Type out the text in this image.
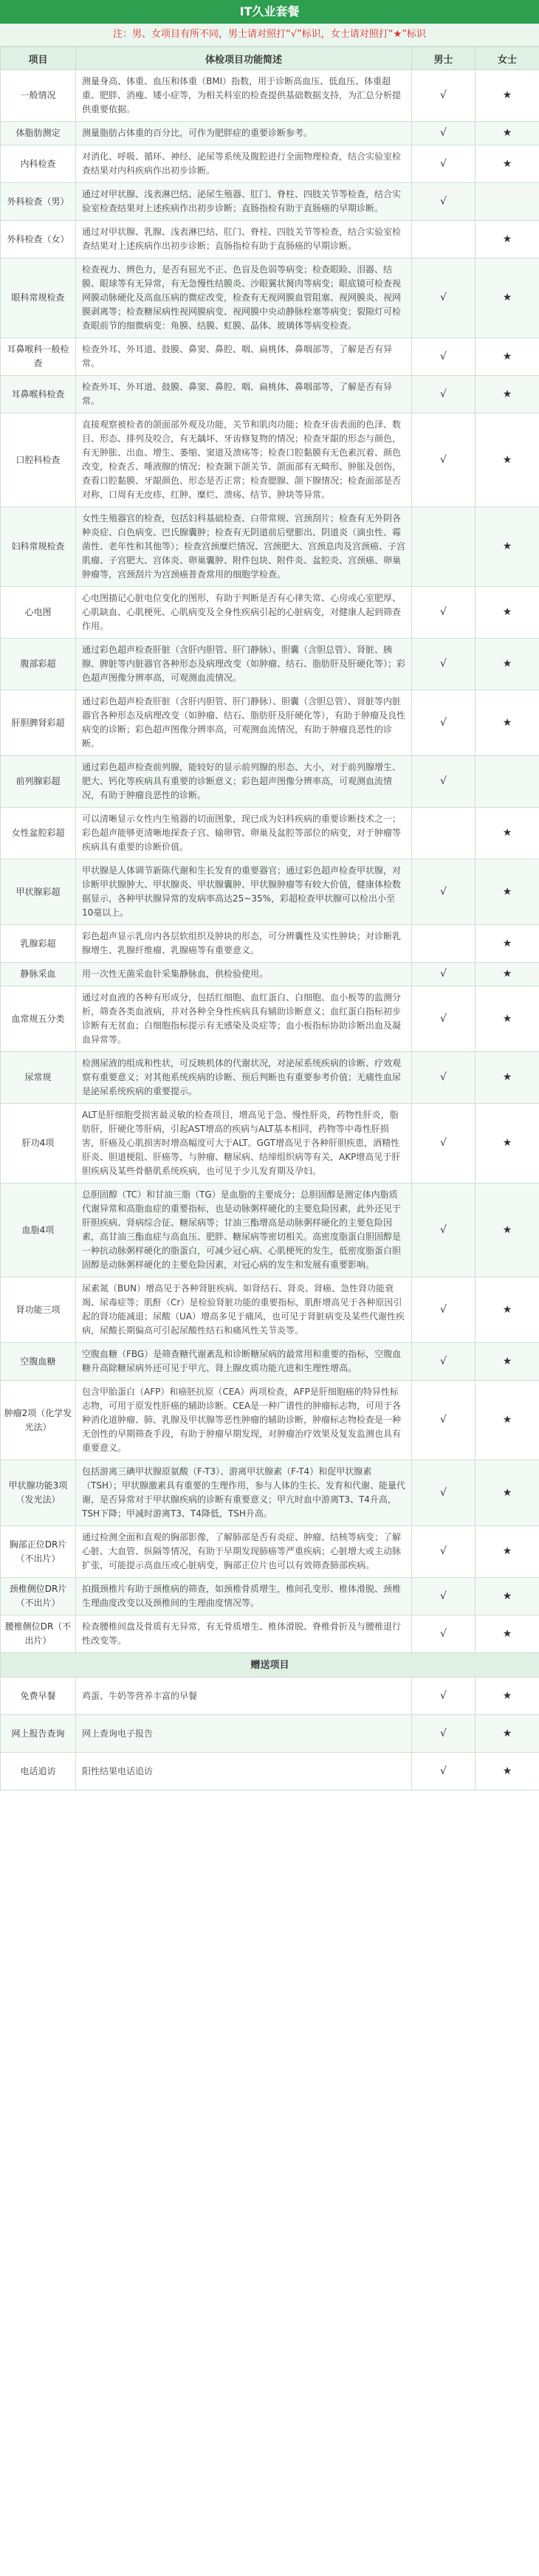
IT久业套餐
注：男、女项目有所不同，男士请对照打“√”标识，女士请对照打“★”标识
项目	体检项目功能简述	男士	女士
一般情况	测量身高、体重、血压和体重（BMI）指数，用于诊断高血压、低血压、体重超重、肥胖、消瘦、矮小症等，为相关科室的检查提供基础数据支持，为汇总分析提供重要依据。	√	★
体脂肪测定	测量脂肪占体重的百分比，可作为肥胖症的重要诊断参考。	√	★
内科检查	对消化、呼吸、循环、神经、泌尿等系统及腹腔进行全面物理检查，结合实验室检查结果对内科疾病作出初步诊断。	√	★
外科检查（男）	通过对甲状腺、浅表淋巴结、泌尿生殖器、肛门、脊柱、四肢关节等检查，结合实验室检查结果对上述疾病作出初步诊断；直肠指检有助于直肠癌的早期诊断。	√	
外科检查（女）	通过对甲状腺、乳腺、浅表淋巴结、肛门、脊柱、四肢关节等检查，结合实验室检查结果对上述疾病作出初步诊断；直肠指检有助于直肠癌的早期诊断。		★
眼科常规检查	检查视力、辨色力，是否有屈光不正、色盲及色弱等病变；检查眼睑、泪器、结膜、眼球等有无异常，有无急慢性结膜炎、沙眼翼状胬肉等病变；眼底镜可检查视网膜动脉硬化及高血压病的微症改变，检查有无视网膜血管阻塞、视网膜炎、视网膜剥离等；检查糖尿病性视网膜病变、视网膜中央动静脉栓塞等病变；裂隙灯可检查眼前节的细微病变：角膜、结膜、虹膜、晶体、玻璃体等病变检查。	√	★
耳鼻喉科一般检查	检查外耳、外耳道、鼓膜、鼻窦、鼻腔、咽、扁桃体、鼻咽部等，了解是否有异常。	√	★
耳鼻喉科检查	检查外耳、外耳道、鼓膜、鼻窦、鼻腔、咽、扁桃体、鼻咽部等，了解是否有异常。	√	★
口腔科检查	直接观察被检者的颌面部外观及功能，关节和肌肉功能；检查牙齿表面的色泽、数目、形态、排列及咬合，有无龋坏、牙齿修复物的情况；检查牙龈的形态与颜色，有无肿胀、出血、增生、萎缩、窦道及溃疡等；检查口腔黏膜有无色素沉着、颜色改变，检查舌、唾液腺的情况；检查颞下颌关节、颌面部有无畸形、肿胀及创伤，查看口腔黏膜、牙龈颜色、形态是否正常；检查腮腺、颌下腺情况；检查面部是否对称，口周有无皮疹、红肿、糜烂、溃疡、结节、肿块等异常。	√	★
妇科常规检查	女性生殖器官的检查，包括妇科基础检查、白带常规、宫颈刮片；检查有无外阴各种炎症、白色病变、巴氏腺囊肿；检查有无阴道前后壁膨出、阴道炎（滴虫性、霉菌性、老年性和其他等）；检查宫颈糜烂情况、宫颈肥大、宫颈息肉及宫颈癌、子宫肌瘤、子宫肥大、宫体炎、卵巢囊肿、附件包块、附件炎、盆腔炎、宫颈癌、卵巢肿瘤等，宫颈刮片为宫颈癌普查常用的细胞学检查。		★
心电图	心电图描记心脏电位变化的图形，有助于判断是否有心律失常、心房或心室肥厚、心肌缺血、心肌梗死、心肌病变及全身性疾病引起的心脏病变，对健康人起到筛查作用。	√	★
腹部彩超	通过彩色超声检查肝脏（含肝内胆管、肝门静脉）、胆囊（含胆总管）、肾脏、胰腺、脾脏等内脏器官各种形态及病理改变（如肿瘤、结石、脂肪肝及肝硬化等）；彩色超声图像分辨率高，可观测血流情况。	√	★
肝胆脾肾彩超	通过彩色超声检查肝脏（含肝内胆管、肝门静脉）、胆囊（含胆总管）、肾脏等内脏器官各种形态及病理改变（如肿瘤、结石、脂肪肝及肝硬化等），有助于肿瘤及良性病变的诊断；彩色超声图像分辨率高，可观测血流情况，有助于肿瘤良恶性的诊断。	√	★
前列腺彩超	通过彩色超声检查前列腺，能较好的显示前列腺的形态、大小，对于前列腺增生、肥大、钙化等疾病具有重要的诊断意义；彩色超声图像分辨率高，可观测血流情况，有助于肿瘤良恶性的诊断。	√	
女性盆腔彩超	可以清晰显示女性内生殖器的切面图象，现已成为妇科疾病的重要诊断技术之一；彩色超声能够更清晰地探查子宫、输卵管、卵巢及盆腔等部位的病变，对于肿瘤等疾病具有重要的诊断价值。		★
甲状腺彩超	甲状腺是人体调节新陈代谢和生长发育的重要器官；通过彩色超声检查甲状腺，对诊断甲状腺肿大、甲状腺炎、甲状腺囊肿、甲状腺肿瘤等有较大价值，健康体检数据显示，各种甲状腺异常的发病率高达25~35%，彩超检查甲状腺可以检出小至10毫以上。	√	★
乳腺彩超	彩色超声显示乳房内各层软组织及肿块的形态，可分辨囊性及实性肿块；对诊断乳腺增生、乳腺纤维瘤、乳腺癌等有重要意义。		★
静脉采血	用一次性无菌采血针采集静脉血，供检验使用。	√	★
血常规五分类	通过对血液的各种有形成分，包括红细胞、血红蛋白、白细胞、血小板等的监测分析，筛查各类血液病，并对各种全身性疾病具有辅助诊断意义；血红蛋白指标初步诊断有无贫血；白细胞指标提示有无感染及炎症等；血小板指标协助诊断出血及凝血异常等。	√	★
尿常规	检测尿液的组成和性状，可反映机体的代谢状况，对泌尿系统疾病的诊断、疗效观察有重要意义；对其他系统疾病的诊断、预后判断也有重要参考价值；无痛性血尿是泌尿系统疾病的重要提示。	√	★
肝功4项	ALT是肝细胞受损害最灵敏的检查项目，增高见于急、慢性肝炎，药物性肝炎，脂肪肝，肝硬化等肝病，引起AST增高的疾病与ALT基本相同，药物等中毒性肝损害，肝癌及心肌损害时增高幅度可大于ALT。GGT增高见于各种肝胆疾患，酒精性肝炎、胆道梗阻、肝癌等，与肿瘤、糖尿病、结缔组织病等有关，AKP增高见于肝胆疾病及某些骨骼肌系统疾病，也可见于少儿发育期及孕妇。	√	★
血脂4项	总胆固醇（TC）和甘油三脂（TG）是血脂的主要成分；总胆固醇是测定体内脂质代谢异常和高脂血症的重要指标，也是动脉粥样硬化的主要危险因素，此外还见于肝胆疾病、肾病综合征、糖尿病等；甘油三酯增高是动脉粥样硬化的主要危险因素，高甘油三酯血症与高血压、肥胖、糖尿病等密切相关。高密度脂蛋白胆固醇是一种抗动脉粥样硬化的脂蛋白，可减少冠心病、心肌梗死的发生，低密度脂蛋白胆固醇是动脉粥样硬化的主要危险因素，对冠心病的发生和发展有重要影响。	√	★
肾功能三项	尿素氮（BUN）增高见于各种肾脏疾病、如肾结石、肾炎、肾癌、急性肾功能衰竭、尿毒症等；肌酐（Cr）是检验肾脏功能的重要指标，肌酐增高见于各种原因引起的肾功能减退；尿酸（UA）增高多见于痛风，也可见于肾脏病变及某些代谢性疾病，尿酸长期偏高可引起尿酸性结石和痛风性关节炎等。	√	★
空腹血糖	空腹血糖（FBG）是筛查糖代谢紊乱和诊断糖尿病的最常用和重要的指标，空腹血糖升高除糖尿病外还可见于甲亢、肾上腺皮质功能亢进和生理性增高。	√	★
肿瘤2项（化学发光法）	包含甲胎蛋白（AFP）和癌胚抗原（CEA）两项检查，AFP是肝细胞癌的特异性标志物，可用于原发性肝癌的辅助诊断。CEA是一种广谱性的肿瘤标志物，可用于各种消化道肿瘤、肺、乳腺及甲状腺等恶性肿瘤的辅助诊断，肿瘤标志物检查是一种无创性的早期筛查手段，有助于肿瘤早期发现，对肿瘤治疗效果及复发监测也具有重要意义。	√	★
甲状腺功能3项（发光法）	包括游离三碘甲状腺原氨酸（F-T3）、游离甲状腺素（F-T4）和促甲状腺素（TSH）；甲状腺激素具有重要的生理作用，参与人体的生长、发育和代谢、能量代谢，是否异常对于甲状腺疾病的诊断有重要意义；甲亢时血中游离T3、T4升高，TSH下降；甲减时游离T3、T4降低，TSH升高。	√	★
胸部正位DR片（不出片）	通过检测全面和直观的胸部影像，了解肺部是否有炎症、肿瘤、结核等病变；了解心脏、大血管、纵隔等情况，有助于早期发现肺癌等严重疾病；心脏增大或主动脉扩张，可能提示高血压或心脏病变，胸部正位片也可以有效筛查肺部疾病。	√	★
颈椎侧位DR片（不出片）	拍摄颈椎片有助于颈椎病的筛查，如颈椎骨质增生，椎间孔变形、椎体滑脱、颈椎生理曲度改变以及颈椎间的生理曲度情况等。	√	★
腰椎侧位DR（不出片）	检查腰椎间盘及骨质有无异常，有无骨质增生、椎体滑脱、脊椎骨折及与腰椎退行性改变等。	√	★
赠送项目			
免费早餐	鸡蛋、牛奶等营养丰富的早餐	√	★
网上报告查询	网上查询电子报告	√	★
电话追访	阳性结果电话追访	√	★
